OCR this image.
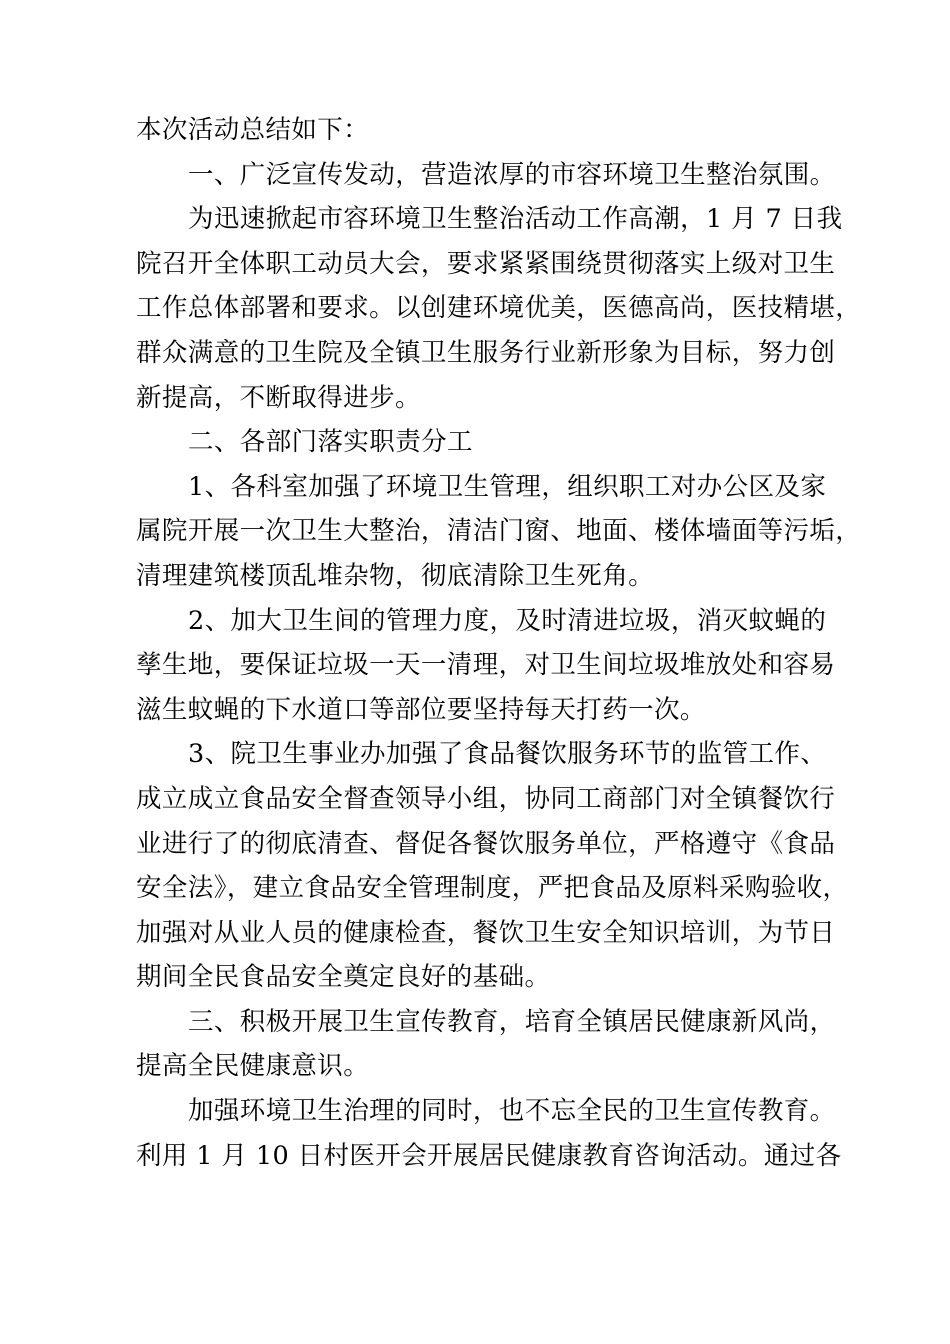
本次活动总结如下：
一、广泛宣传发动，营造浓厚的市容环境卫生整治氛围。
为迅速掀起市容环境卫生整治活动工作高潮，1 月 7 日我
院召开全体职工动员大会，要求紧紧围绕贯彻落实上级对卫生
工作总体部署和要求。以创建环境优美，医德高尚，医技精堪，
群众满意的卫生院及全镇卫生服务行业新形象为目标，努力创
新提高，不断取得进步。
二、各部门落实职责分工
1、各科室加强了环境卫生管理，组织职工对办公区及家
属院开展一次卫生大整治，清洁门窗、地面、楼体墙面等污垢，
清理建筑楼顶乱堆杂物，彻底清除卫生死角。
2、加大卫生间的管理力度，及时清进垃圾，消灭蚊蝇的
孳生地，要保证垃圾一天一清理，对卫生间垃圾堆放处和容易
滋生蚊蝇的下水道口等部位要坚持每天打药一次。
3、院卫生事业办加强了食品餐饮服务环节的监管工作、
成立成立食品安全督查领导小组，协同工商部门对全镇餐饮行
业进行了的彻底清查、督促各餐饮服务单位，严格遵守《食品
安全法》，建立食品安全管理制度，严把食品及原料采购验收，
加强对从业人员的健康检查，餐饮卫生安全知识培训，为节日
期间全民食品安全奠定良好的基础。
三、积极开展卫生宣传教育，培育全镇居民健康新风尚，
提高全民健康意识。
加强环境卫生治理的同时，也不忘全民的卫生宣传教育。
利用 1 月 10 日村医开会开展居民健康教育咨询活动。通过各
